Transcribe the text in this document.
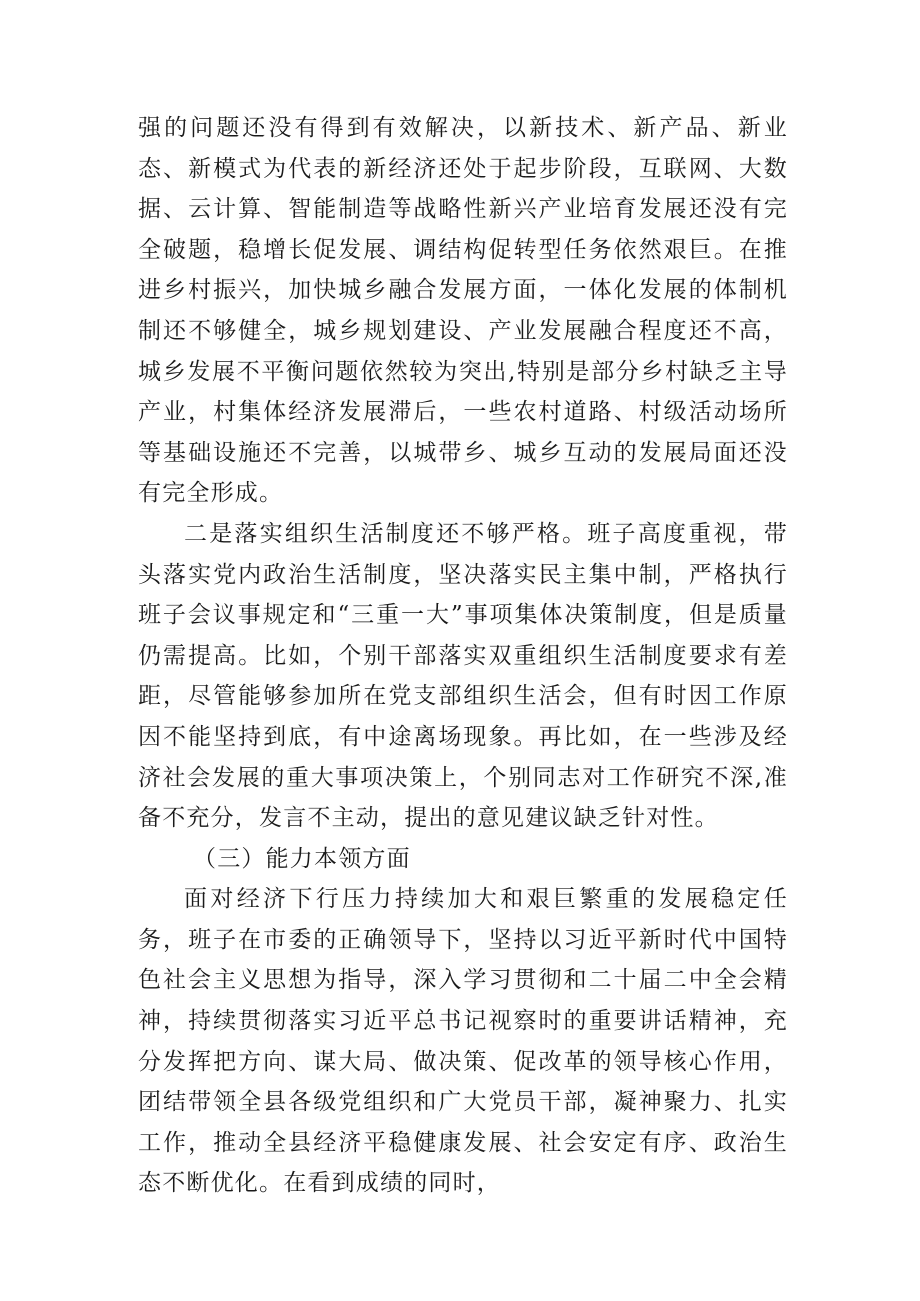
强的问题还没有得到有效解决，以新技术、新产品、新业态、新模式为代表的新经济还处于起步阶段，互联网、大数据、云计算、智能制造等战略性新兴产业培育发展还没有完全破题，稳增长促发展、调结构促转型任务依然艰巨。在推进乡村振兴，加快城乡融合发展方面，一体化发展的体制机制还不够健全，城乡规划建设、产业发展融合程度还不高，城乡发展不平衡问题依然较为突出,特别是部分乡村缺乏主导产业，村集体经济发展滞后，一些农村道路、村级活动场所等基础设施还不完善，以城带乡、城乡互动的发展局面还没有完全形成。

二是落实组织生活制度还不够严格。班子高度重视，带头落实党内政治生活制度，坚决落实民主集中制，严格执行班子会议事规定和“三重一大”事项集体决策制度，但是质量仍需提高。比如，个别干部落实双重组织生活制度要求有差距，尽管能够参加所在党支部组织生活会，但有时因工作原因不能坚持到底，有中途离场现象。再比如，在一些涉及经济社会发展的重大事项决策上，个别同志对工作研究不深,准备不充分，发言不主动，提出的意见建议缺乏针对性。

（三）能力本领方面

面对经济下行压力持续加大和艰巨繁重的发展稳定任务，班子在市委的正确领导下，坚持以习近平新时代中国特色社会主义思想为指导，深入学习贯彻和二十届二中全会精神，持续贯彻落实习近平总书记视察时的重要讲话精神，充分发挥把方向、谋大局、做决策、促改革的领导核心作用，团结带领全县各级党组织和广大党员干部，凝神聚力、扎实工作，推动全县经济平稳健康发展、社会安定有序、政治生态不断优化。在看到成绩的同时，
